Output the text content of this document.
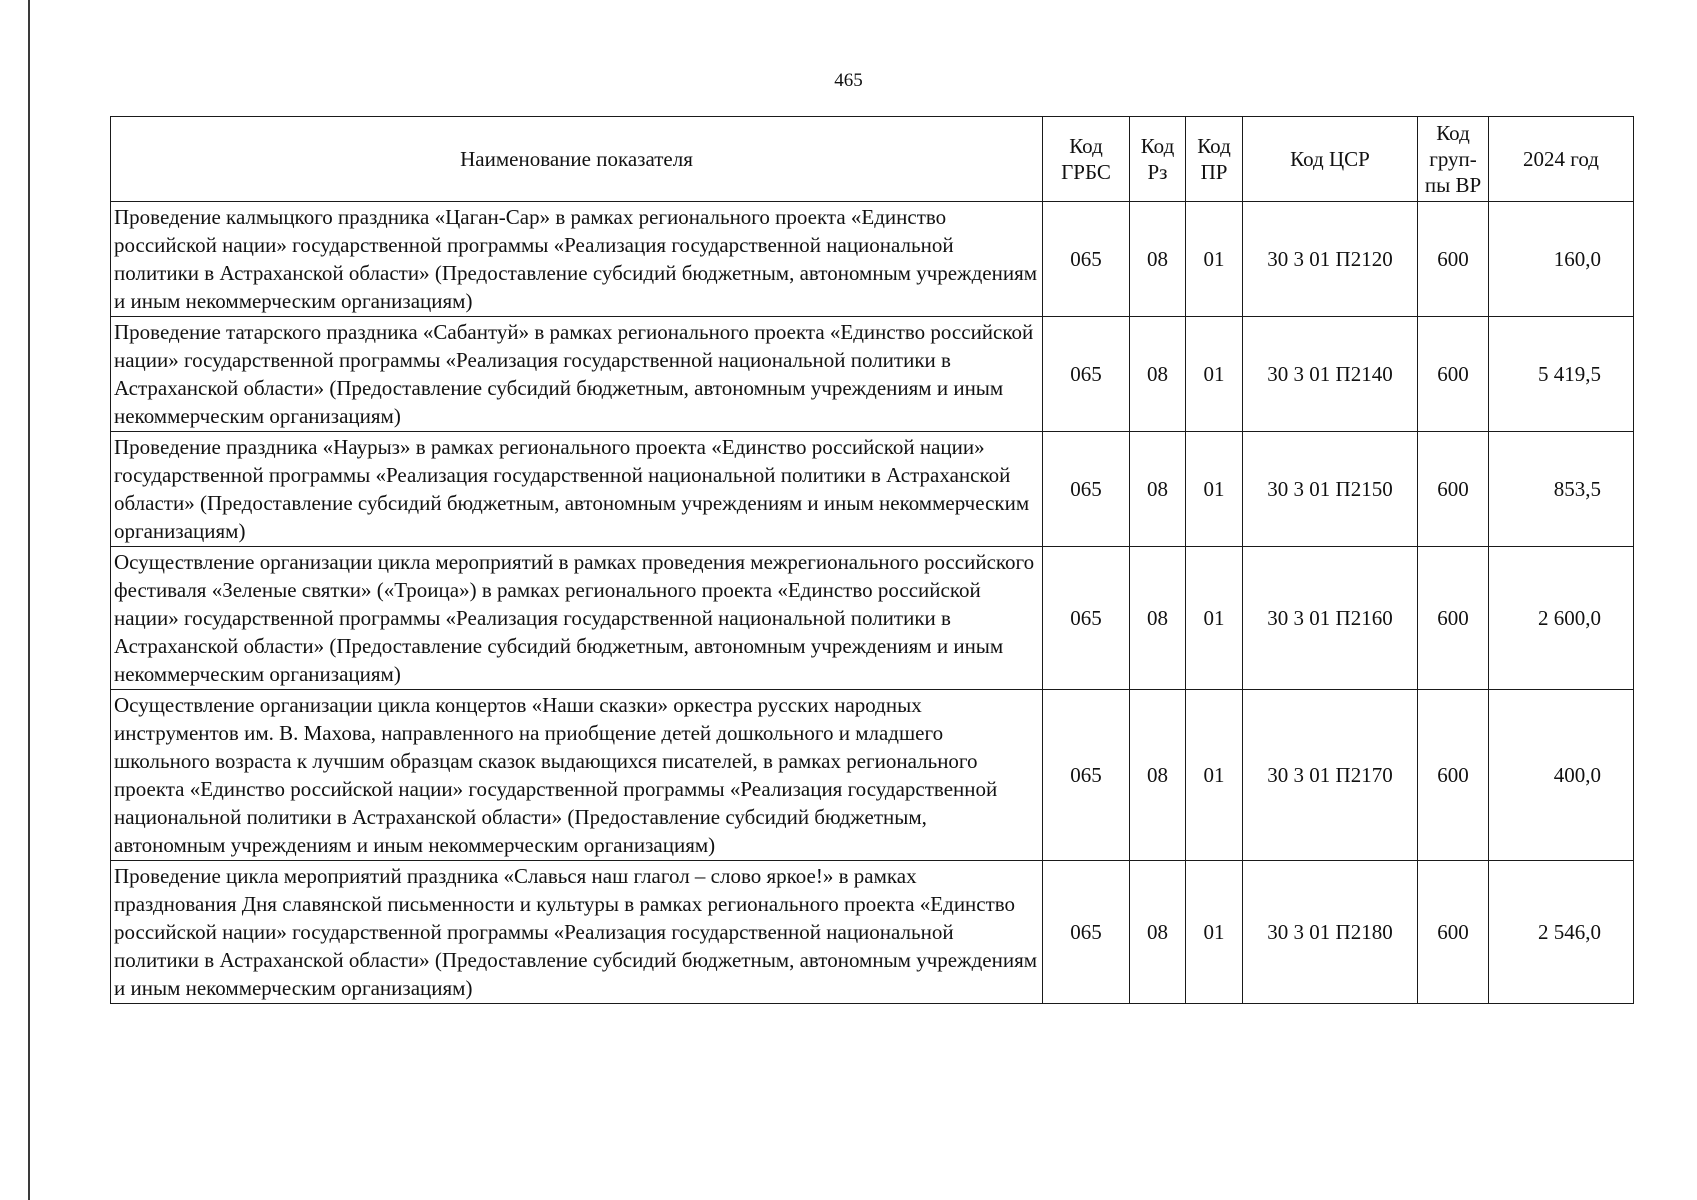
465
Наименование показателя	Код ГРБС	Код Рз	Код ПР	Код ЦСР	Код груп-пы ВР	2024 год
Проведение калмыцкого праздника «Цаган-Сар» в рамках регионального проекта «Единство российской нации» государственной программы «Реализация государственной национальной политики в Астраханской области» (Предоставление субсидий бюджетным, автономным учреждениям и иным некоммерческим организациям)	065	08	01	30 3 01 П2120	600	160,0
Проведение татарского праздника «Сабантуй» в рамках регионального проекта «Единство российской нации» государственной программы «Реализация государственной национальной политики в Астраханской области» (Предоставление субсидий бюджетным, автономным учреждениям и иным некоммерческим организациям)	065	08	01	30 3 01 П2140	600	5 419,5
Проведение праздника «Наурыз» в рамках регионального проекта «Единство российской нации» государственной программы «Реализация государственной национальной политики в Астраханской области» (Предоставление субсидий бюджетным, автономным учреждениям и иным некоммерческим организациям)	065	08	01	30 3 01 П2150	600	853,5
Осуществление организации цикла мероприятий в рамках проведения межрегионального российского фестиваля «Зеленые святки» («Троица») в рамках регионального проекта «Единство российской нации» государственной программы «Реализация государственной национальной политики в Астраханской области» (Предоставление субсидий бюджетным, автономным учреждениям и иным некоммерческим организациям)	065	08	01	30 3 01 П2160	600	2 600,0
Осуществление организации цикла концертов «Наши сказки» оркестра русских народных инструментов им. В. Махова, направленного на приобщение детей дошкольного и младшего школьного возраста к лучшим образцам сказок выдающихся писателей, в рамках регионального проекта «Единство российской нации» государственной программы «Реализация государственной национальной политики в Астраханской области» (Предоставление субсидий бюджетным, автономным учреждениям и иным некоммерческим организациям)	065	08	01	30 3 01 П2170	600	400,0
Проведение цикла мероприятий праздника «Славься наш глагол – слово яркое!» в рамках празднования Дня славянской письменности и культуры в рамках регионального проекта «Единство российской нации» государственной программы «Реализация государственной национальной политики в Астраханской области» (Предоставление субсидий бюджетным, автономным учреждениям и иным некоммерческим организациям)	065	08	01	30 3 01 П2180	600	2 546,0
